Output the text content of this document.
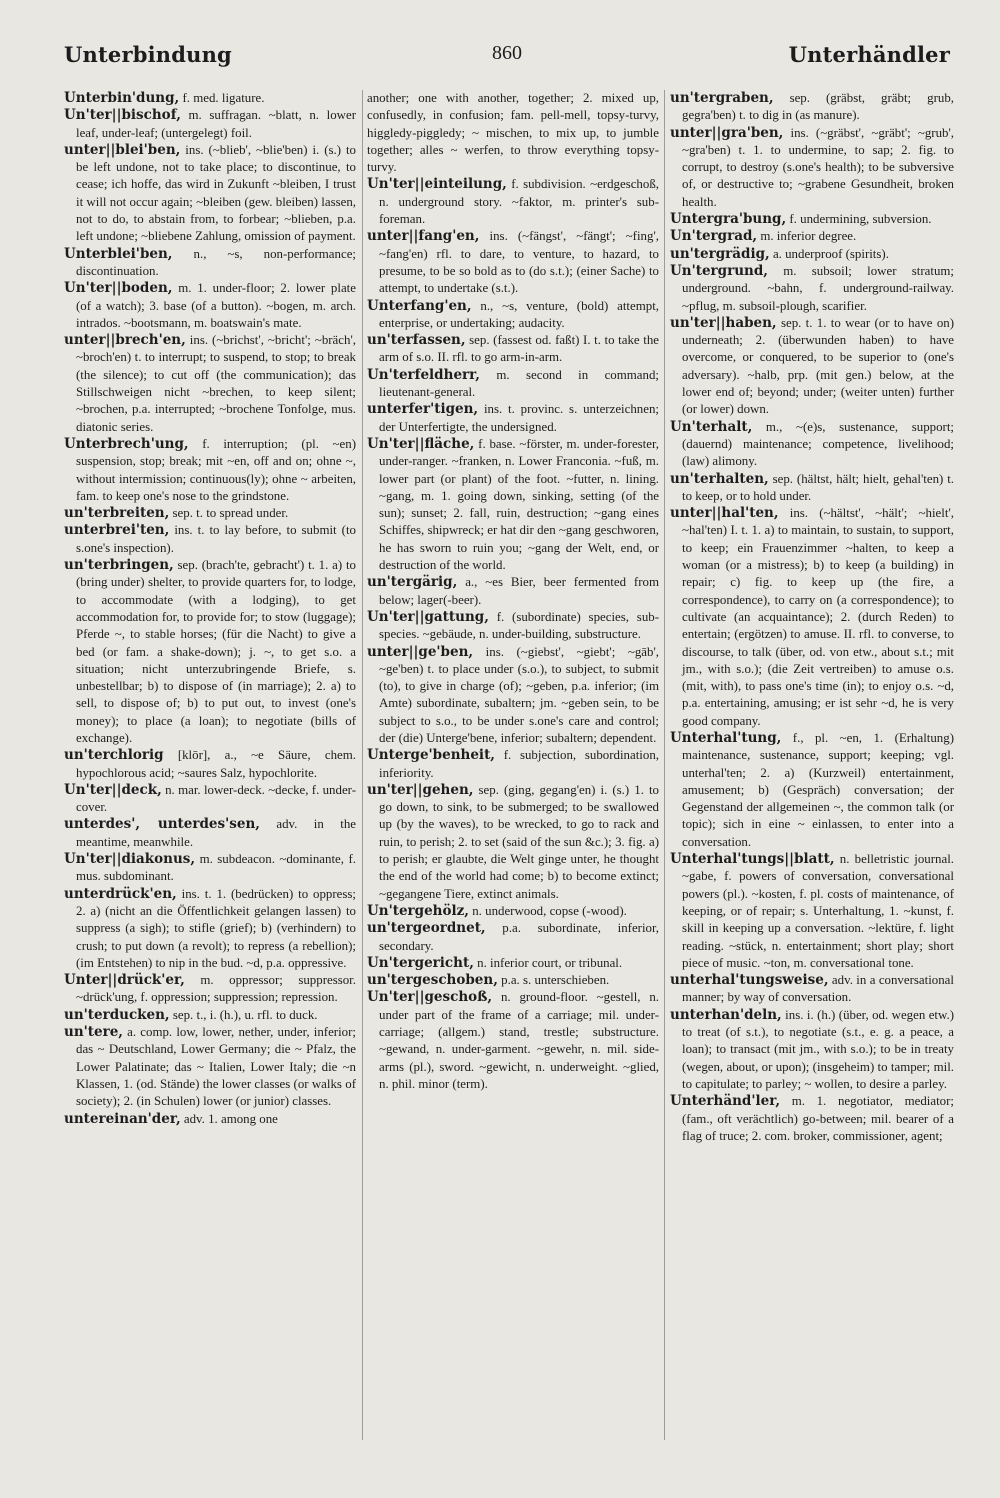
Unterbindung	860	Unterhändler

Unterbin'dung, f. med. ligature.

Un'ter||bischof, m. suffragan. ~blatt, n. lower leaf, under-leaf; (untergelegt) foil.

unter||blei'ben, ins. (~blieb', ~blie'ben) i. (s.) to be left undone, not to take place; to discontinue, to cease; ich hoffe, das wird in Zukunft ~bleiben, I trust it will not occur again; ~bleiben (gew. bleiben) lassen, not to do, to abstain from, to forbear; ~blieben, p.a. left undone; ~bliebene Zahlung, omission of payment.

Unterblei'ben, n., ~s, non-performance; discontinuation.

Un'ter||boden, m. 1. under-floor; 2. lower plate (of a watch); 3. base (of a button). ~bogen, m. arch. intrados. ~bootsmann, m. boatswain's mate.

unter||brech'en, ins. (~brichst', ~bricht'; ~bräch', ~broch'en) t. to interrupt; to suspend, to stop; to break (the silence); to cut off (the communication); das Stillschweigen nicht ~brechen, to keep silent; ~brochen, p.a. interrupted; ~brochene Tonfolge, mus. diatonic series.

Unterbrech'ung, f. interruption; (pl. ~en) suspension, stop; break; mit ~en, off and on; ohne ~, without intermission; continuous(ly); ohne ~ arbeiten, fam. to keep one's nose to the grindstone.

un'terbreiten, sep. t. to spread under.

unterbrei'ten, ins. t. to lay before, to submit (to s.one's inspection).

un'terbringen, sep. (brach'te, gebracht') t. 1. a) to (bring under) shelter, to provide quarters for, to lodge, to accommodate (with a lodging), to get accommodation for, to provide for; to stow (luggage); Pferde ~, to stable horses; (für die Nacht) to give a bed (or fam. a shake-down); j. ~, to get s.o. a situation; nicht unterzubringende Briefe, s. unbestellbar; b) to dispose of (in marriage); 2. a) to sell, to dispose of; b) to put out, to invest (one's money); to place (a loan); to negotiate (bills of exchange).

un'terchlorig [klōr], a., ~e Säure, chem. hypochlorous acid; ~saures Salz, hypochlorite.

Un'ter||deck, n. mar. lower-deck. ~decke, f. under-cover.

unterdes', unterdes'sen, adv. in the meantime, meanwhile.

Un'ter||diakonus, m. subdeacon. ~dominante, f. mus. subdominant.

unterdrück'en, ins. t. 1. (bedrücken) to oppress; 2. a) (nicht an die Öffentlichkeit gelangen lassen) to suppress (a sigh); to stifle (grief); b) (verhindern) to crush; to put down (a revolt); to repress (a rebellion); (im Entstehen) to nip in the bud. ~d, p.a. oppressive.

Unter||drück'er, m. oppressor; suppressor. ~drück'ung, f. oppression; suppression; repression.

un'terducken, sep. t., i. (h.), u. rfl. to duck.

un'tere, a. comp. low, lower, nether, under, inferior; das ~ Deutschland, Lower Germany; die ~ Pfalz, the Lower Palatinate; das ~ Italien, Lower Italy; die ~n Klassen, 1. (od. Stände) the lower classes (or walks of society); 2. (in Schulen) lower (or junior) classes.

untereinan'der, adv. 1. among one

another; one with another, together; 2. mixed up, confusedly, in confusion; fam. pell-mell, topsy-turvy, higgledy-piggledy; ~ mischen, to mix up, to jumble together; alles ~ werfen, to throw everything topsy-turvy.

Un'ter||einteilung, f. subdivision. ~erdgeschoß, n. underground story. ~faktor, m. printer's sub-foreman.

unter||fang'en, ins. (~fängst', ~fängt'; ~fing', ~fang'en) rfl. to dare, to venture, to hazard, to presume, to be so bold as to (do s.t.); (einer Sache) to attempt, to undertake (s.t.).

Unterfang'en, n., ~s, venture, (bold) attempt, enterprise, or undertaking; audacity.

un'terfassen, sep. (fassest od. faßt) I. t. to take the arm of s.o. II. rfl. to go arm-in-arm.

Un'terfeldherr, m. second in command; lieutenant-general.

unterfer'tigen, ins. t. provinc. s. unterzeichnen; der Unterfertigte, the undersigned.

Un'ter||fläche, f. base. ~förster, m. under-forester, under-ranger. ~franken, n. Lower Franconia. ~fuß, m. lower part (or plant) of the foot. ~futter, n. lining. ~gang, m. 1. going down, sinking, setting (of the sun); sunset; 2. fall, ruin, destruction; ~gang eines Schiffes, shipwreck; er hat dir den ~gang geschworen, he has sworn to ruin you; ~gang der Welt, end, or destruction of the world.

un'tergärig, a., ~es Bier, beer fermented from below; lager(-beer).

Un'ter||gattung, f. (subordinate) species, sub-species. ~gebäude, n. under-building, substructure.

unter||ge'ben, ins. (~giebst', ~giebt'; ~gāb', ~ge'ben) t. to place under (s.o.), to subject, to submit (to), to give in charge (of); ~geben, p.a. inferior; (im Amte) subordinate, subaltern; jm. ~geben sein, to be subject to s.o., to be under s.one's care and control; der (die) Unterge'bene, inferior; subaltern; dependent.

Unterge'benheit, f. subjection, subordination, inferiority.

un'ter||gehen, sep. (ging, gegang'en) i. (s.) 1. to go down, to sink, to be submerged; to be swallowed up (by the waves), to be wrecked, to go to rack and ruin, to perish; 2. to set (said of the sun &c.); 3. fig. a) to perish; er glaubte, die Welt ginge unter, he thought the end of the world had come; b) to become extinct; ~gegangene Tiere, extinct animals.

Un'tergehölz, n. underwood, copse (-wood).

un'tergeordnet, p.a. subordinate, inferior, secondary.

Un'tergericht, n. inferior court, or tribunal.

un'tergeschoben, p.a. s. unterschieben.

Un'ter||geschoß, n. ground-floor. ~gestell, n. under part of the frame of a carriage; mil. under-carriage; (allgem.) stand, trestle; substructure. ~gewand, n. under-garment. ~gewehr, n. mil. side-arms (pl.), sword. ~gewicht, n. underweight. ~glied, n. phil. minor (term).

un'tergraben, sep. (gräbst, gräbt; grub, gegra'ben) t. to dig in (as manure).

unter||gra'ben, ins. (~gräbst', ~gräbt'; ~grub', ~gra'ben) t. 1. to undermine, to sap; 2. fig. to corrupt, to destroy (s.one's health); to be subversive of, or destructive to; ~grabene Gesundheit, broken health.

Untergra'bung, f. undermining, subversion.

Un'tergrad, m. inferior degree.

un'tergrädig, a. underproof (spirits).

Un'tergrund, m. subsoil; lower stratum; underground. ~bahn, f. underground-railway. ~pflug, m. subsoil-plough, scarifier.

un'ter||haben, sep. t. 1. to wear (or to have on) underneath; 2. (überwunden haben) to have overcome, or conquered, to be superior to (one's adversary). ~halb, prp. (mit gen.) below, at the lower end of; beyond; under; (weiter unten) further (or lower) down.

Un'terhalt, m., ~(e)s, sustenance, support; (dauernd) maintenance; competence, livelihood; (law) alimony.

un'terhalten, sep. (hältst, hält; hielt, gehal'ten) t. to keep, or to hold under.

unter||hal'ten, ins. (~hältst', ~hält'; ~hielt', ~hal'ten) I. t. 1. a) to maintain, to sustain, to support, to keep; ein Frauenzimmer ~halten, to keep a woman (or a mistress); b) to keep (a building) in repair; c) fig. to keep up (the fire, a correspondence), to carry on (a correspondence); to cultivate (an acquaintance); 2. (durch Reden) to entertain; (ergötzen) to amuse. II. rfl. to converse, to discourse, to talk (über, od. von etw., about s.t.; mit jm., with s.o.); (die Zeit vertreiben) to amuse o.s. (mit, with), to pass one's time (in); to enjoy o.s. ~d, p.a. entertaining, amusing; er ist sehr ~d, he is very good company.

Unterhal'tung, f., pl. ~en, 1. (Erhaltung) maintenance, sustenance, support; keeping; vgl. unterhal'ten; 2. a) (Kurzweil) entertainment, amusement; b) (Gespräch) conversation; der Gegenstand der allgemeinen ~, the common talk (or topic); sich in eine ~ einlassen, to enter into a conversation.

Unterhal'tungs||blatt, n. belletristic journal. ~gabe, f. powers of conversation, conversational powers (pl.). ~kosten, f. pl. costs of maintenance, of keeping, or of repair; s. Unterhaltung, 1. ~kunst, f. skill in keeping up a conversation. ~lektüre, f. light reading. ~stück, n. entertainment; short play; short piece of music. ~ton, m. conversational tone.

unterhal'tungsweise, adv. in a conversational manner; by way of conversation.

unterhan'deln, ins. i. (h.) (über, od. wegen etw.) to treat (of s.t.), to negotiate (s.t., e. g. a peace, a loan); to transact (mit jm., with s.o.); to be in treaty (wegen, about, or upon); (insgeheim) to tamper; mil. to capitulate; to parley; ~ wollen, to desire a parley.

Unterhänd'ler, m. 1. negotiator, mediator; (fam., oft verächtlich) go-between; mil. bearer of a flag of truce; 2. com. broker, commissioner, agent;
